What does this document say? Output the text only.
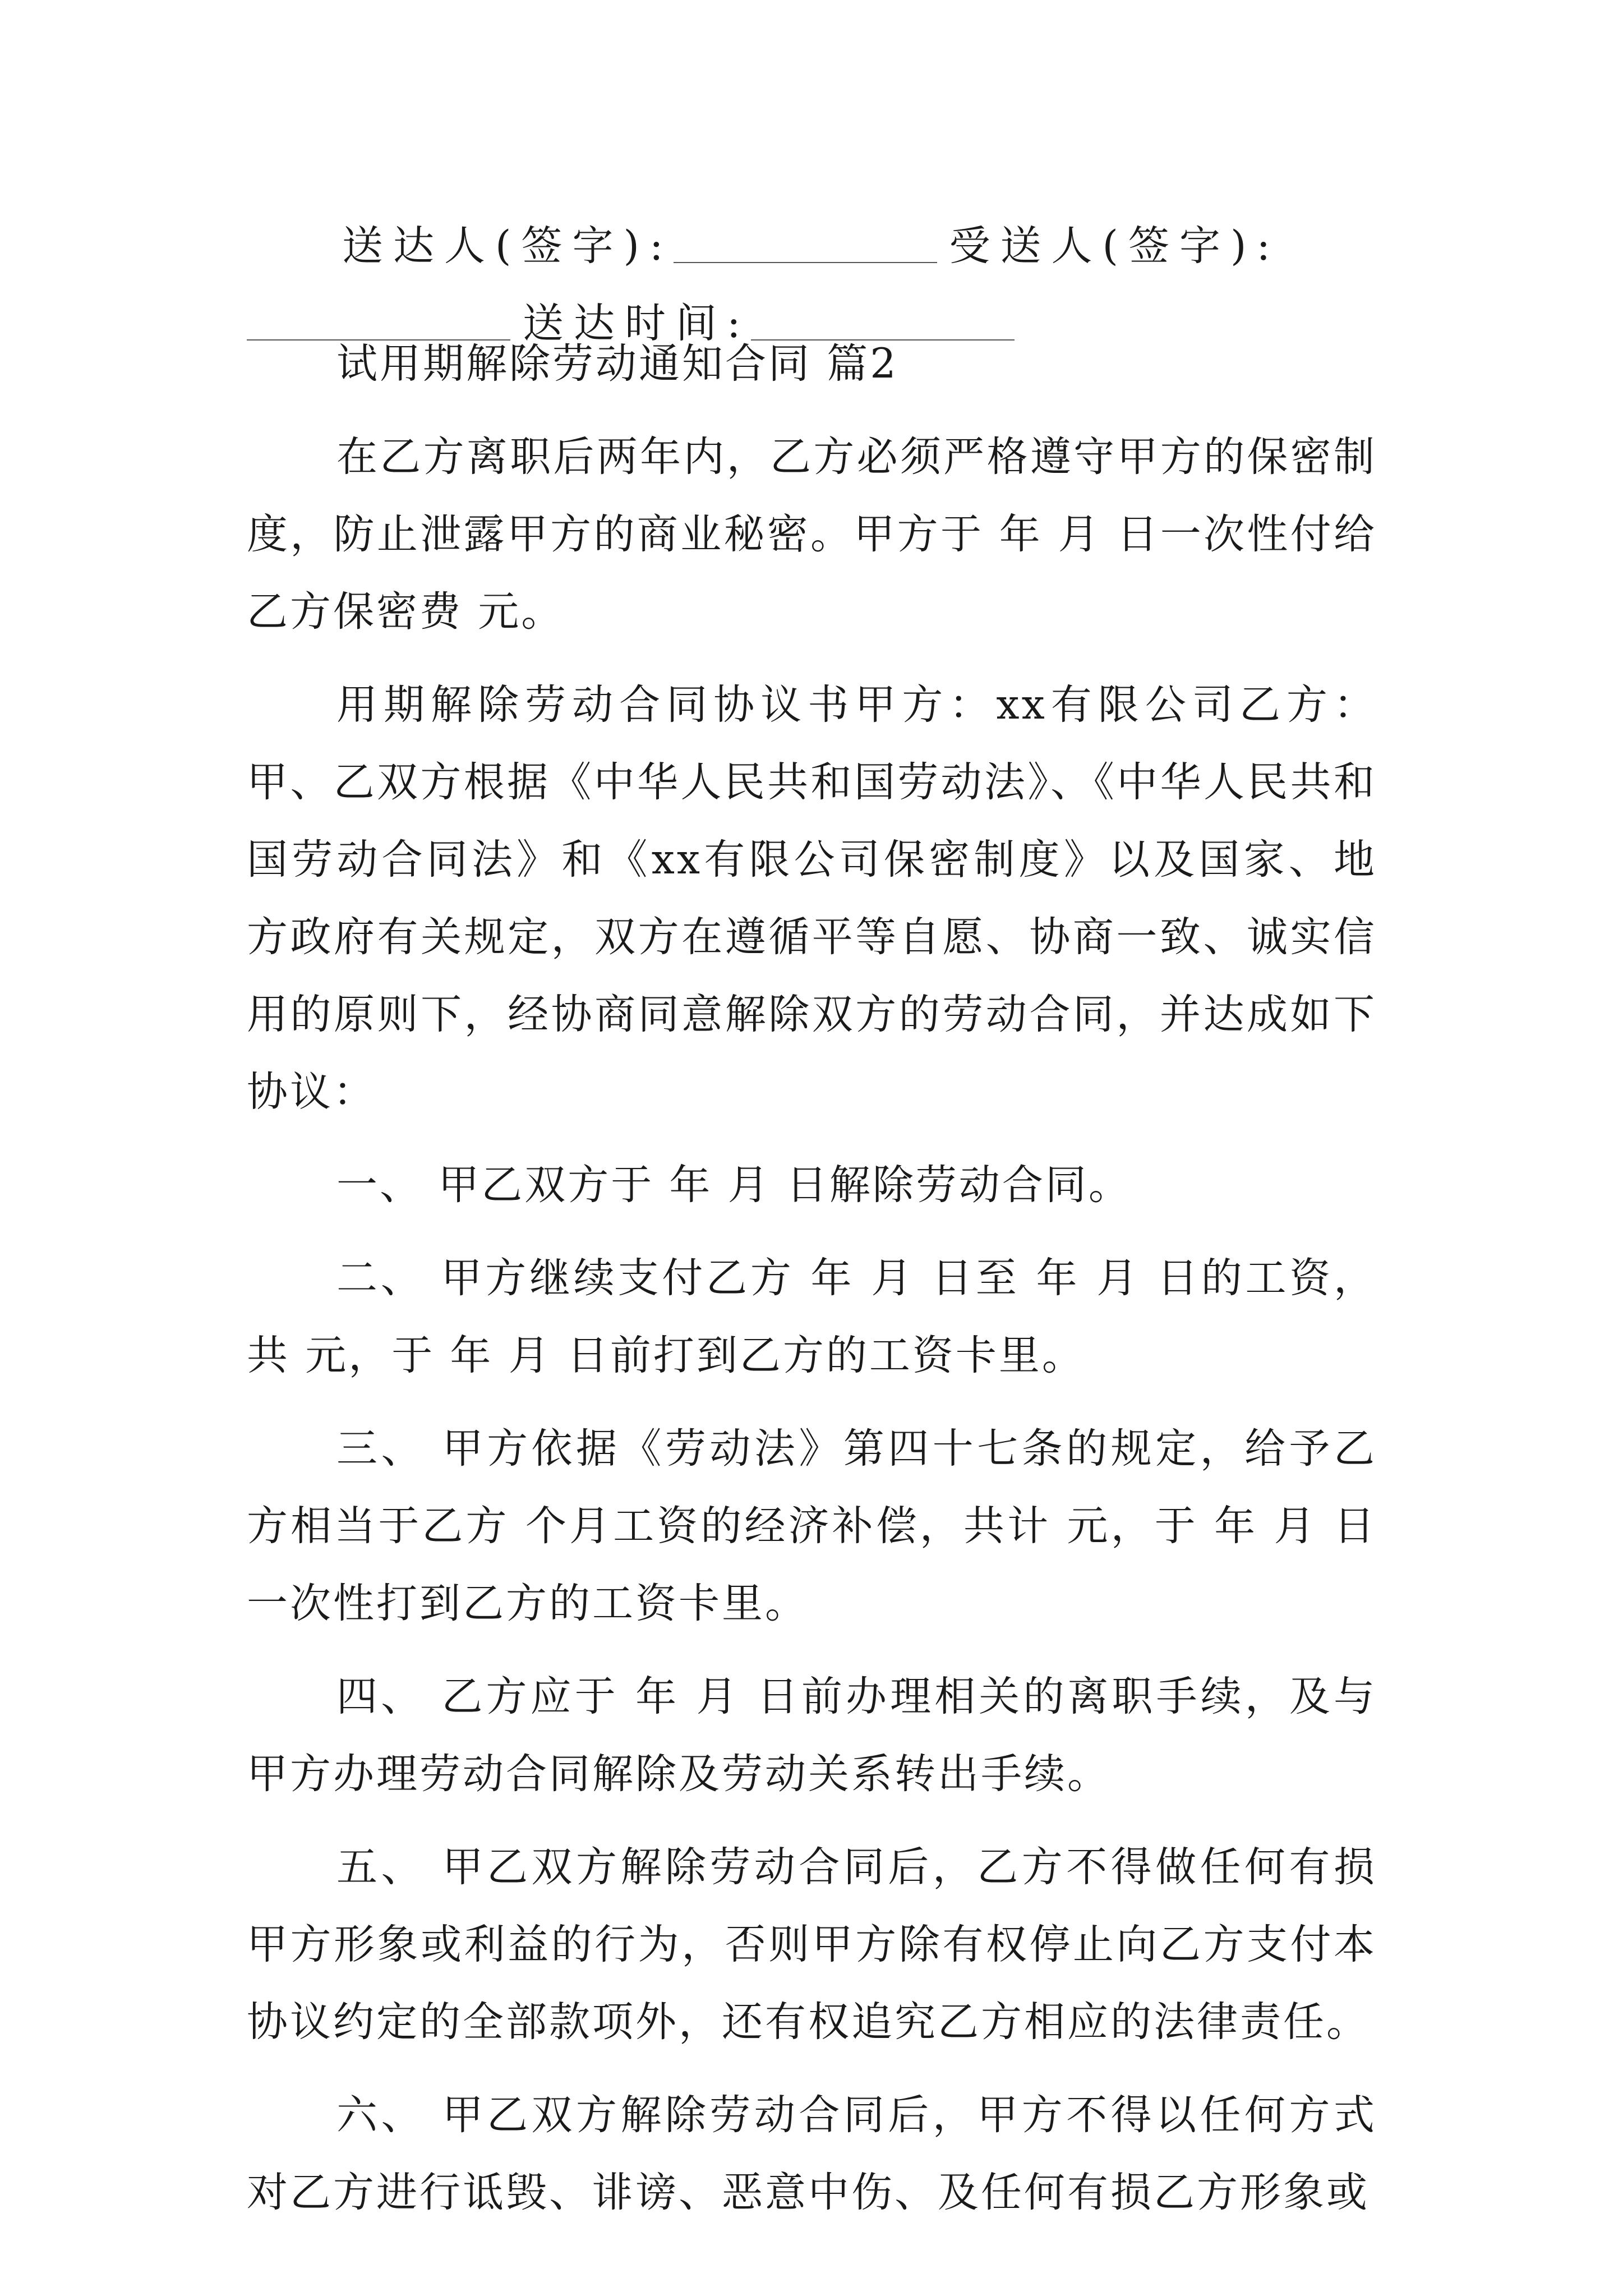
送达人(签字):	受送人(签字):
送达时间:

试用期解除劳动通知合同 篇2

在乙方离职后两年内，乙方必须严格遵守甲方的保密制度，防止泄露甲方的商业秘密。甲方于 年 月 日一次性付给乙方保密费 元。

用期解除劳动合同协议书甲方：xx有限公司乙方：甲、乙双方根据《中华人民共和国劳动法》、《中华人民共和国劳动合同法》和《xx有限公司保密制度》以及国家、地方政府有关规定，双方在遵循平等自愿、协商一致、诚实信用的原则下，经协商同意解除双方的劳动合同，并达成如下协议：

一、 甲乙双方于 年 月 日解除劳动合同。

二、 甲方继续支付乙方 年 月 日至 年 月 日的工资，共 元，于 年 月 日前打到乙方的工资卡里。

三、 甲方依据《劳动法》第四十七条的规定，给予乙方相当于乙方 个月工资的经济补偿，共计 元，于 年 月 日一次性打到乙方的工资卡里。

四、 乙方应于 年 月 日前办理相关的离职手续，及与甲方办理劳动合同解除及劳动关系转出手续。

五、 甲乙双方解除劳动合同后，乙方不得做任何有损甲方形象或利益的行为，否则甲方除有权停止向乙方支付本协议约定的全部款项外，还有权追究乙方相应的法律责任。

六、 甲乙双方解除劳动合同后，甲方不得以任何方式对乙方进行诋毁、诽谤、恶意中伤、及任何有损乙方形象或
